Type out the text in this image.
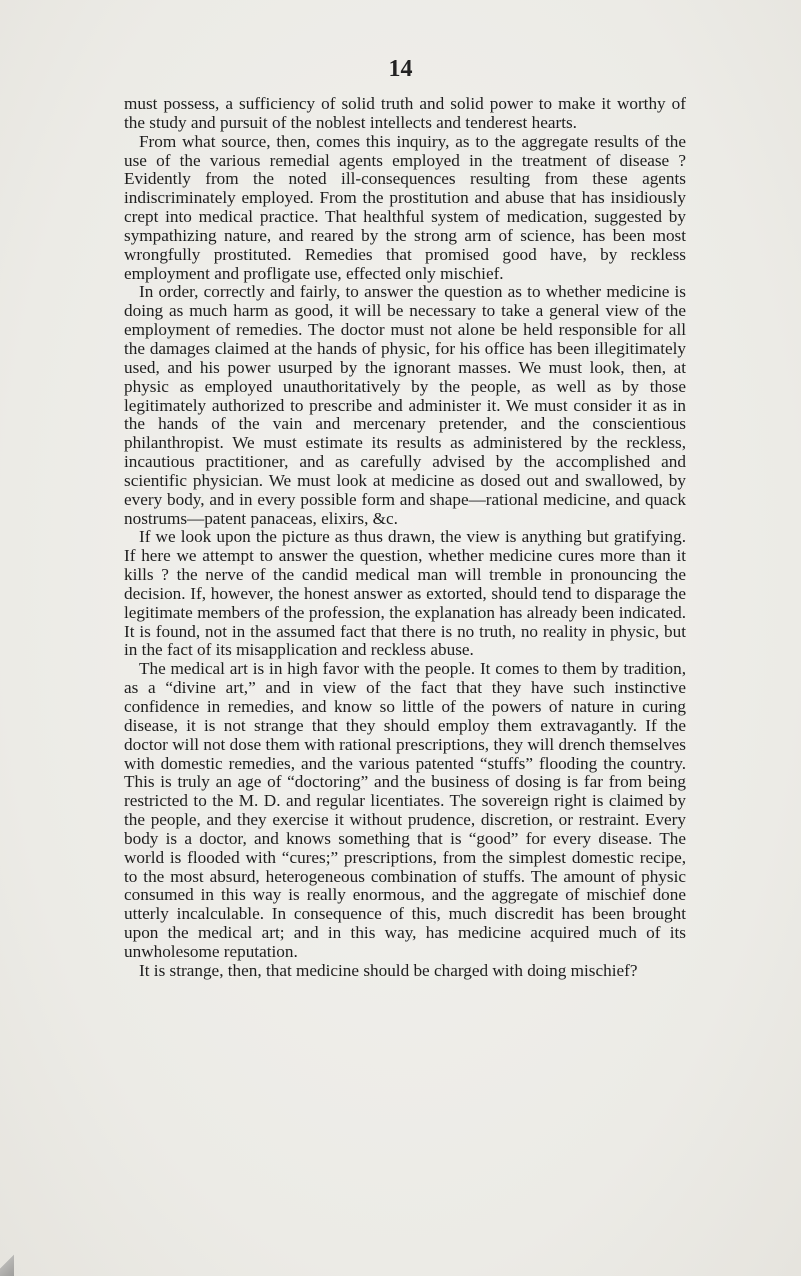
14

must possess, a sufficiency of solid truth and solid power to make it worthy of the study and pursuit of the noblest intellects and tenderest hearts.

From what source, then, comes this inquiry, as to the aggregate results of the use of the various remedial agents employed in the treatment of disease ? Evidently from the noted ill-consequences resulting from these agents indiscriminately employed. From the prostitution and abuse that has insidiously crept into medical practice. That healthful system of medication, suggested by sympathizing nature, and reared by the strong arm of science, has been most wrongfully prostituted. Remedies that promised good have, by reckless employment and profligate use, effected only mischief.

In order, correctly and fairly, to answer the question as to whether medicine is doing as much harm as good, it will be necessary to take a general view of the employment of remedies. The doctor must not alone be held responsible for all the damages claimed at the hands of physic, for his office has been illegitimately used, and his power usurped by the ignorant masses. We must look, then, at physic as employed unauthoritatively by the people, as well as by those legitimately authorized to prescribe and administer it. We must consider it as in the hands of the vain and mercenary pretender, and the conscientious philanthropist. We must estimate its results as administered by the reckless, incautious practitioner, and as carefully advised by the accomplished and scientific physician. We must look at medicine as dosed out and swallowed, by every body, and in every possible form and shape—rational medicine, and quack nostrums—patent panaceas, elixirs, &c.

If we look upon the picture as thus drawn, the view is anything but gratifying. If here we attempt to answer the question, whether medicine cures more than it kills ? the nerve of the candid medical man will tremble in pronouncing the decision. If, however, the honest answer as extorted, should tend to disparage the legitimate members of the profession, the explanation has already been indicated. It is found, not in the assumed fact that there is no truth, no reality in physic, but in the fact of its misapplication and reckless abuse.

The medical art is in high favor with the people. It comes to them by tradition, as a “divine art,” and in view of the fact that they have such instinctive confidence in remedies, and know so little of the powers of nature in curing disease, it is not strange that they should employ them extravagantly. If the doctor will not dose them with rational prescriptions, they will drench themselves with domestic remedies, and the various patented “stuffs” flooding the country. This is truly an age of “doctoring” and the business of dosing is far from being restricted to the M. D. and regular licentiates. The sovereign right is claimed by the people, and they exercise it without prudence, discretion, or restraint. Every body is a doctor, and knows something that is “good” for every disease. The world is flooded with “cures;” prescriptions, from the simplest domestic recipe, to the most absurd, heterogeneous combination of stuffs. The amount of physic consumed in this way is really enormous, and the aggregate of mischief done utterly incalculable. In consequence of this, much discredit has been brought upon the medical art; and in this way, has medicine acquired much of its unwholesome reputation.

It is strange, then, that medicine should be charged with doing mischief?
